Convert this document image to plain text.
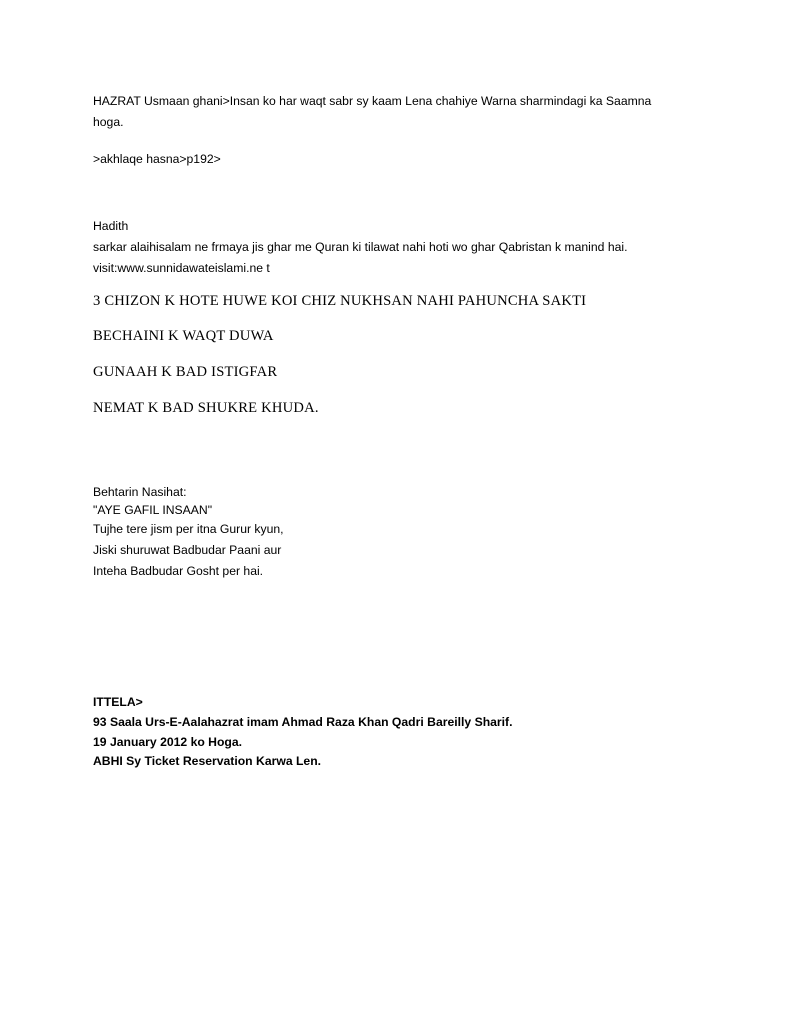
HAZRAT Usmaan ghani>Insan ko har waqt sabr sy kaam Lena chahiye Warna sharmindagi ka Saamna
hoga.
>akhlaqe hasna>p192>
Hadith
sarkar alaihisalam ne frmaya jis ghar me Quran ki tilawat nahi hoti wo ghar Qabristan k manind hai.
visit:www.sunnidawateislami.ne t
3 CHIZON K HOTE HUWE KOI CHIZ NUKHSAN NAHI PAHUNCHA SAKTI
BECHAINI K WAQT DUWA
GUNAAH K BAD ISTIGFAR
NEMAT K BAD SHUKRE KHUDA.
Behtarin Nasihat:
"AYE GAFIL INSAAN"
Tujhe tere jism per itna Gurur kyun,
Jiski shuruwat Badbudar Paani aur
Inteha Badbudar Gosht per hai.
ITTELA>
93 Saala Urs-E-Aalahazrat imam Ahmad Raza Khan Qadri Bareilly Sharif.
19 January 2012 ko Hoga.
ABHI Sy Ticket Reservation Karwa Len.
